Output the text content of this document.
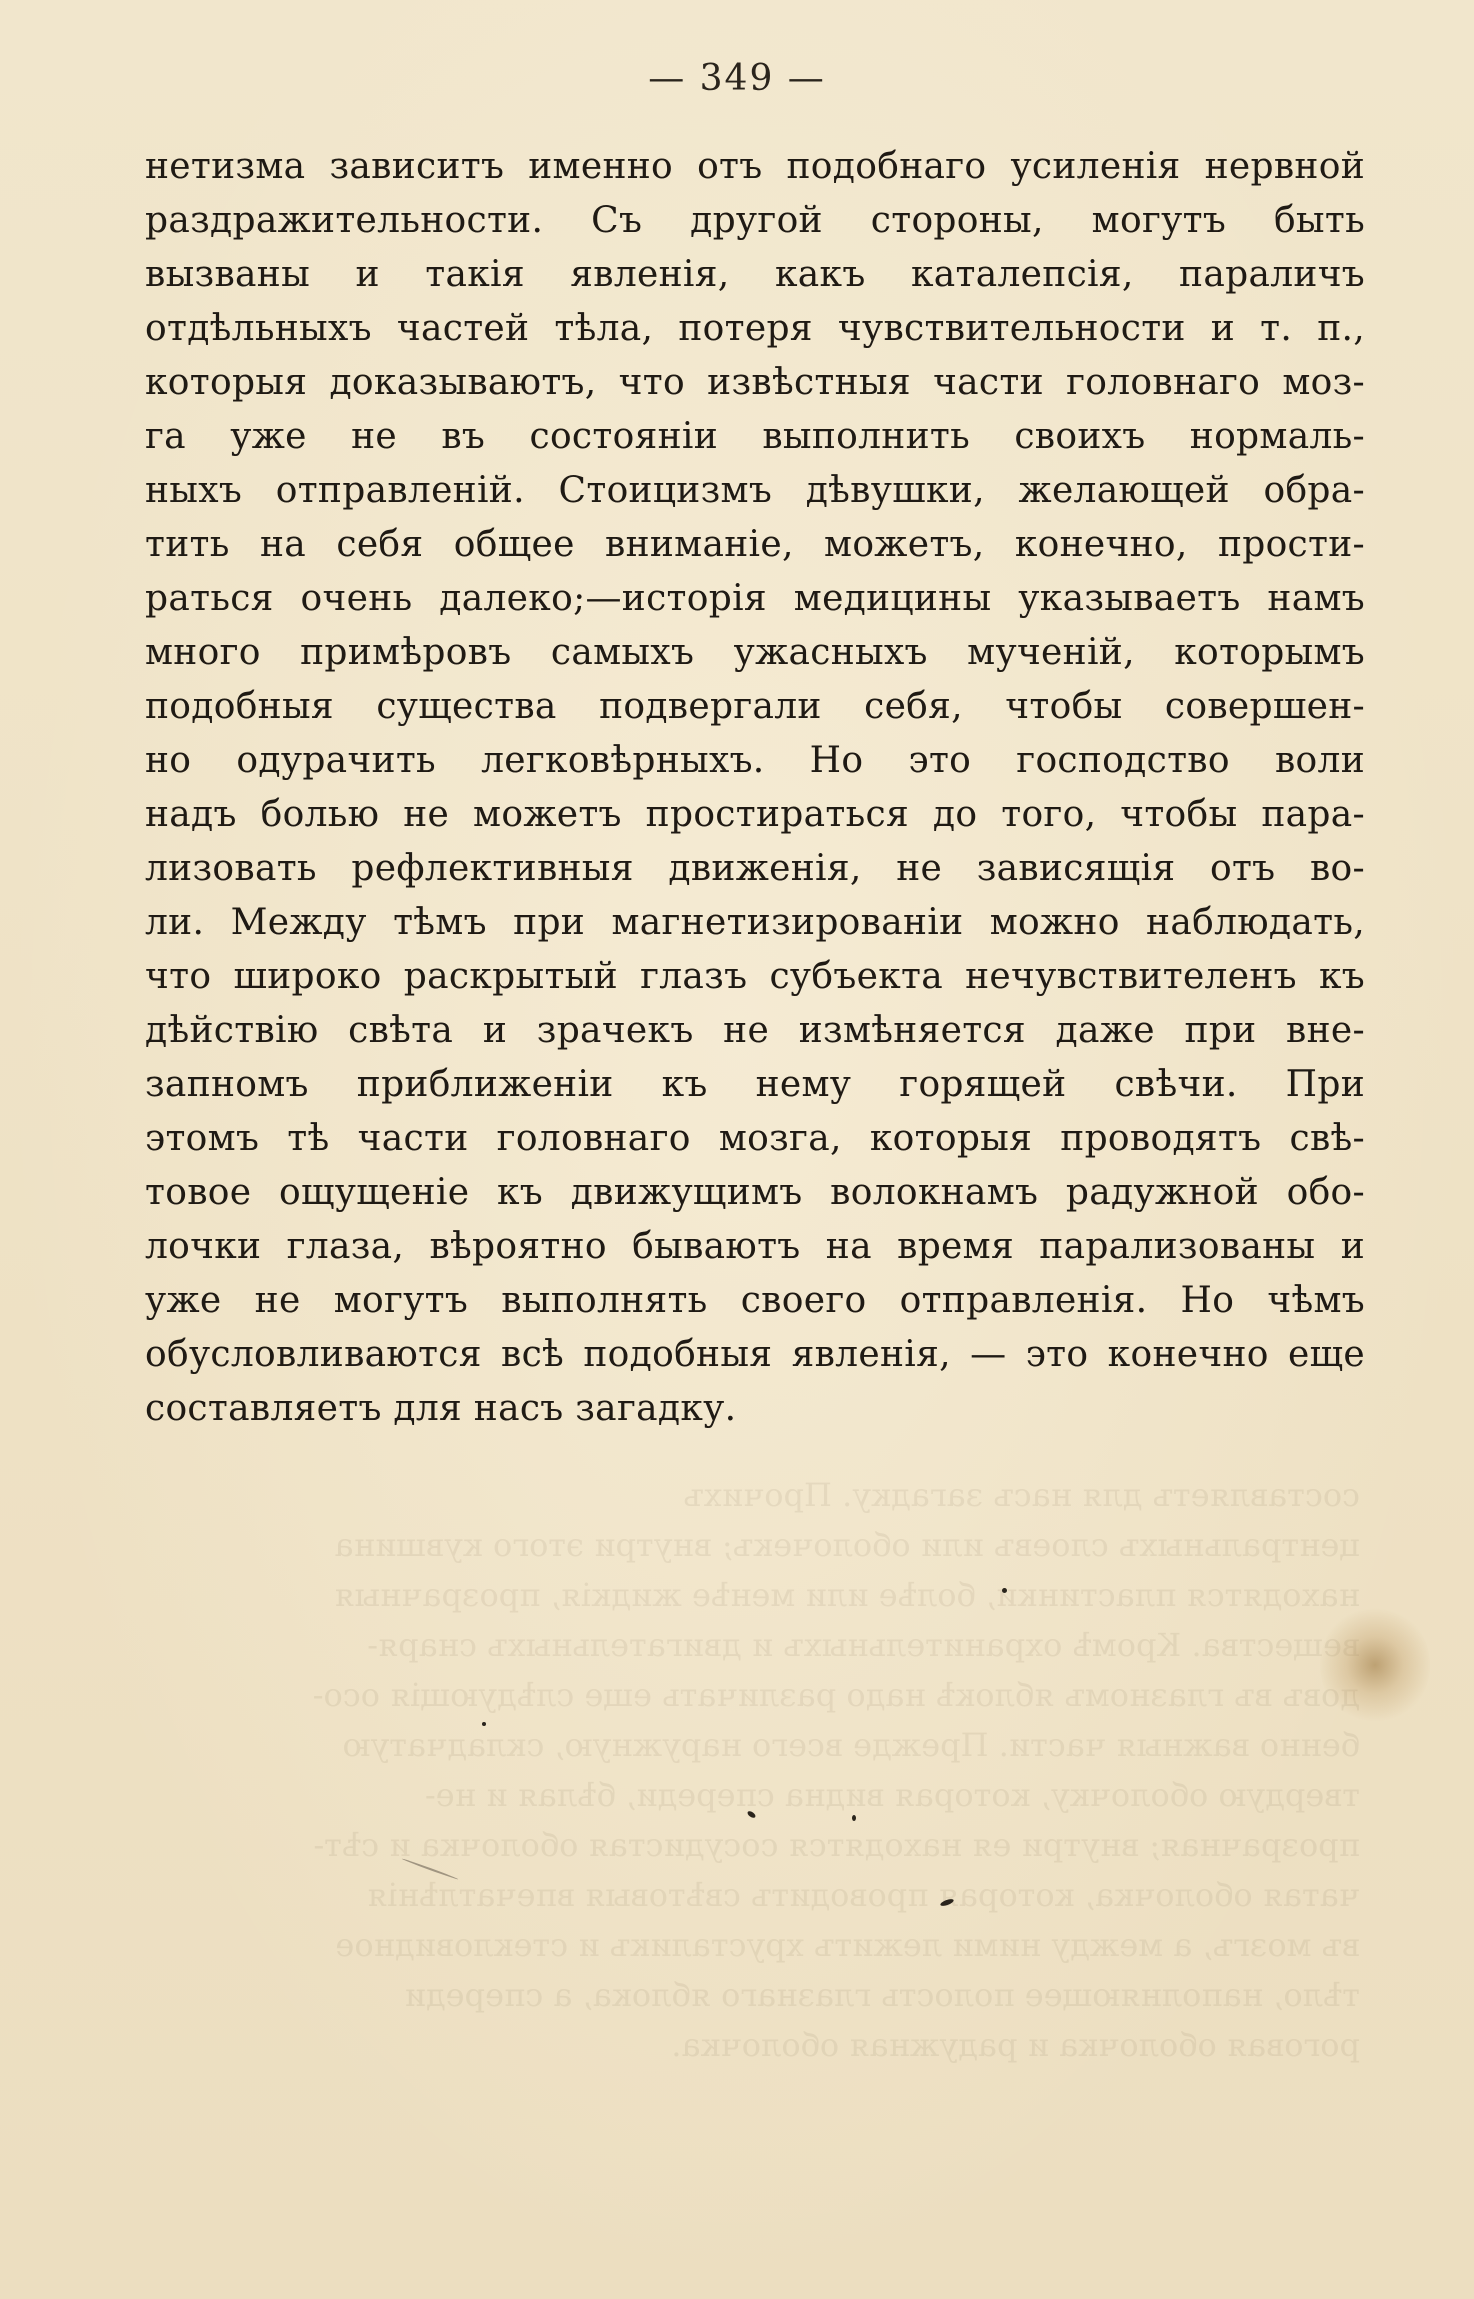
составляетъ для насъ загадку. Прочихъ
центральныхъ слоевъ или оболочекъ; внутри этого кувшина
находятся пластинки, болѣе или менѣе жидкія, прозрачныя
вещества. Кромѣ охранительныхъ и двигательныхъ снаря-
довъ въ глазномъ яблокѣ надо различать еще слѣдующія осо-
бенно важныя части. Прежде всего наружную, складчатую
твердую оболочку, которая видна спереди, бѣлая и не-
прозрачная; внутри ея находятся сосудистая оболочка и сѣт-
чатая оболочка, которая проводитъ свѣтовыя впечатлѣнія
въ мозгъ, а между ними лежитъ хрусталикъ и стекловидное
тѣло, наполняющее полость глазнаго яблока, а спереди
роговая оболочка и радужная оболочка.
— 349 —
нетизма зависитъ именно отъ подобнаго усиленія нервной
раздражительности. Съ другой стороны, могутъ быть
вызваны и такія явленія, какъ каталепсія, параличъ
отдѣльныхъ частей тѣла, потеря чувствительности и т. п.,
которыя доказываютъ, что извѣстныя части головнаго моз-
га уже не въ состояніи выполнить своихъ нормаль-
ныхъ отправленій. Стоицизмъ дѣвушки, желающей обра-
тить на себя общее вниманіе, можетъ, конечно, прости-
раться очень далеко;—исторія медицины указываетъ намъ
много примѣровъ самыхъ ужасныхъ мученій, которымъ
подобныя существа подвергали себя, чтобы совершен-
но одурачить легковѣрныхъ. Но это господство воли
надъ болью не можетъ простираться до того, чтобы пара-
лизовать рефлективныя движенія, не зависящія отъ во-
ли. Между тѣмъ при магнетизированіи можно наблюдать,
что широко раскрытый глазъ субъекта нечувствителенъ къ
дѣйствію свѣта и зрачекъ не измѣняется даже при вне-
запномъ приближеніи къ нему горящей свѣчи. При
этомъ тѣ части головнаго мозга, которыя проводятъ свѣ-
товое ощущеніе къ движущимъ волокнамъ радужной обо-
лочки глаза, вѣроятно бываютъ на время парализованы и
уже не могутъ выполнять своего отправленія. Но чѣмъ
обусловливаются всѣ подобныя явленія, — это конечно еще
составляетъ для насъ загадку.
